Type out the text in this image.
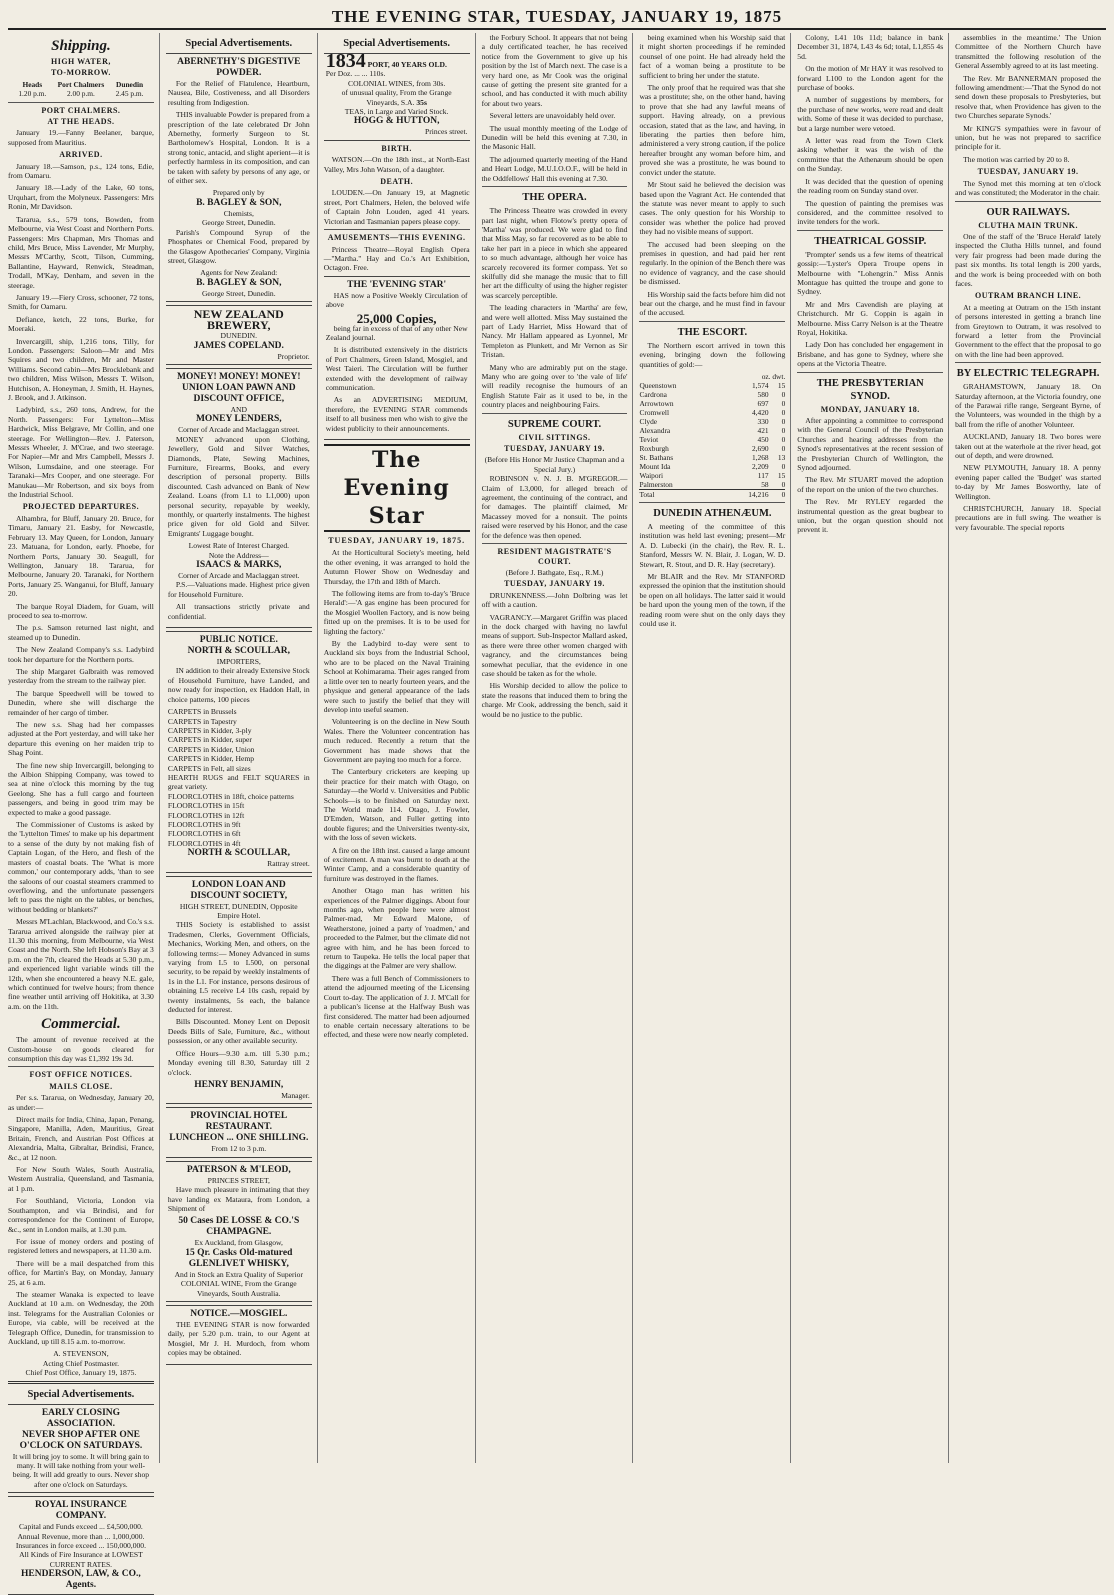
THE EVENING STAR, TUESDAY, JANUARY 19, 1875
Shipping.
HIGH WATER,
TO-MORROW.
Heads
1.20 p.m.
Port Chalmers
2.00 p.m.
Dunedin
2.45 p.m.
PORT CHALMERS.
AT THE HEADS.

January 19.—Fanny Beelaner, barque, supposed from Mauritius.

ARRIVED.

January 18.—Samson, p.s., 124 tons, Edie, from Oamaru.

January 18.—Lady of the Lake, 60 tons, Urquhart, from the Molyneux. Passengers: Mrs Ronin, Mr Davidson.

Tararua, s.s., 579 tons, Bowden, from Melbourne, via West Coast and Northern Ports. Passengers: Mrs Chapman, Mrs Thomas and child, Mrs Bruce, Miss Lavender, Mr Murphy, Messrs M'Carthy, Scott, Tilson, Cumming, Ballantine, Hayward, Renwick, Steadman, Trodall, M'Kay, Denham, and seven in the steerage.

January 19.—Fiery Cross, schooner, 72 tons, Smith, for Oamaru.

Defiance, ketch, 22 tons, Burke, for Moeraki.

Invercargill, ship, 1,216 tons, Tilly, for London. Passengers: Saloon—Mr and Mrs Squires and two children, Mr and Master Williams. Second cabin—Mrs Brocklebank and two children, Miss Wilson, Messrs T. Wilson, Hutchison, A. Honeyman, J. Smith, H. Haynes, J. Brook, and J. Atkinson.

Ladybird, s.s., 260 tons, Andrew, for the North. Passengers: For Lyttelton—Miss Hardwick, Miss Belgrave, Mr Collin, and one steerage. For Wellington—Rev. J. Paterson, Messrs Wheeler, J. M'Crae, and two steerage. For Napier—Mr and Mrs Campbell, Messrs J. Wilson, Lumsdaine, and one steerage. For Taranaki—Mrs Cooper, and one steerage. For Manukau—Mr Robertson, and six boys from the Industrial School.

PROJECTED DEPARTURES.

Alhambra, for Bluff, January 20. Bruce, for Timaru, January 21. Easby, for Newcastle, February 13. May Queen, for London, January 23. Matuana, for London, early. Phoebe, for Northern Ports, January 30. Seagull, for Wellington, January 18. Tararua, for Melbourne, January 20. Taranaki, for Northern Ports, January 25. Wanganui, for Bluff, January 20.

The barque Royal Diadem, for Guam, will proceed to sea to-morrow.

The p.s. Samson returned last night, and steamed up to Dunedin.

The New Zealand Company's s.s. Ladybird took her departure for the Northern ports.

The ship Margaret Galbraith was removed yesterday from the stream to the railway pier.

The barque Speedwell will be towed to Dunedin, where she will discharge the remainder of her cargo of timber.

The new s.s. Shag had her compasses adjusted at the Port yesterday, and will take her departure this evening on her maiden trip to Shag Point.

The fine new ship Invercargill, belonging to the Albion Shipping Company, was towed to sea at nine o'clock this morning by the tug Geelong. She has a full cargo and fourteen passengers, and being in good trim may be expected to make a good passage.

The Commissioner of Customs is asked by the 'Lyttelton Times' to make up his department to a sense of the duty by not making fish of Captain Logan, of the Hero, and flesh of the masters of coastal boats. The 'What is more common,' our contemporary adds, 'than to see the saloons of our coastal steamers crammed to overflowing, and the unfortunate passengers left to pass the night on the tables, or benches, without bedding or blankets?'

Messrs M'Lachlan, Blackwood, and Co.'s s.s. Tararua arrived alongside the railway pier at 11.30 this morning, from Melbourne, via West Coast and the North. She left Hobson's Bay at 3 p.m. on the 7th, cleared the Heads at 5.30 p.m., and experienced light variable winds till the 12th, when she encountered a heavy N.E. gale, which continued for twelve hours; from thence fine weather until arriving off Hokitika, at 3.30 a.m. on the 11th.

Commercial.

The amount of revenue received at the Custom-house on goods cleared for consumption this day was £1,392 19s 3d.

FOST OFFICE NOTICES.
MAILS CLOSE.

Per s.s. Tararua, on Wednesday, January 20, as under:—

Direct mails for India, China, Japan, Penang, Singapore, Manilla, Aden, Mauritius, Great Britain, French, and Austrian Post Offices at Alexandria, Malta, Gibraltar, Brindisi, France, &c., at 12 noon.

For New South Wales, South Australia, Western Australia, Queensland, and Tasmania, at 1 p.m.

For Southland, Victoria, London via Southampton, and via Brindisi, and for correspondence for the Continent of Europe, &c., sent in London mails, at 1.30 p.m.

For issue of money orders and posting of registered letters and newspapers, at 11.30 a.m.

There will be a mail despatched from this office, for Martin's Bay, on Monday, January 25, at 6 a.m.

The steamer Wanaka is expected to leave Auckland at 10 a.m. on Wednesday, the 20th inst. Telegrams for the Australian Colonies or Europe, via cable, will be received at the Telegraph Office, Dunedin, for transmission to Auckland, up till 8.15 a.m. to-morrow.

A. STEVENSON,
Acting Chief Postmaster.
Chief Post Office, January 19, 1875.
Special Advertisements.
EARLY CLOSING ASSOCIATION.
NEVER SHOP AFTER ONE O'CLOCK ON SATURDAYS.
It will bring joy to some. It will bring gain to many. It will take nothing from your well-being. It will add greatly to ours. Never shop after one o'clock on Saturdays.
ROYAL INSURANCE COMPANY.
Capital and Funds exceed ... £4,500,000. Annual Revenue, more than ... 1,000,000. Insurances in force exceed ... 150,000,000.
All Kinds of Fire Insurance at LOWEST CURRENT RATES.
HENDERSON, LAW, & CO., Agents.
Special Advertisements.
ABERNETHY'S DIGESTIVE POWDER.

For the Relief of Flatulence, Heartburn, Nausea, Bile, Costiveness, and all Disorders resulting from Indigestion.

THIS invaluable Powder is prepared from a prescription of the late celebrated Dr John Abernethy, formerly Surgeon to St. Bartholomew's Hospital, London. It is a strong tonic, antacid, and slight aperient—it is perfectly harmless in its composition, and can be taken with safety by persons of any age, or of either sex.

Prepared only by
B. BAGLEY & SON,
Chemists,
George Street, Dunedin.

Parish's Compound Syrup of the Phosphates or Chemical Food, prepared by the Glasgow Apothecaries' Company, Virginia street, Glasgow.

Agents for New Zealand:
B. BAGLEY & SON,
George Street, Dunedin.
NEW ZEALAND BREWERY,
DUNEDIN.
JAMES COPELAND.
Proprietor.
MONEY! MONEY! MONEY!
UNION LOAN PAWN AND DISCOUNT OFFICE,
AND
MONEY LENDERS,
Corner of Arcade and Maclaggan street.

MONEY advanced upon Clothing, Jewellery, Gold and Silver Watches, Diamonds, Plate, Sewing Machines, Furniture, Firearms, Books, and every description of personal property. Bills discounted. Cash advanced on Bank of New Zealand. Loans (from L1 to L1,000) upon personal security, repayable by weekly, monthly, or quarterly instalments. The highest price given for old Gold and Silver. Emigrants' Luggage bought.

Lowest Rate of Interest Charged.
Note the Address—
ISAACS & MARKS,
Corner of Arcade and Maclaggan street.

P.S.—Valuations made. Highest price given for Household Furniture.

All transactions strictly private and confidential.

PUBLIC NOTICE.
NORTH & SCOULLAR,
IMPORTERS,

IN addition to their already Extensive Stock of Household Furniture, have Landed, and now ready for inspection, ex Haddon Hall, in choice patterns, 100 pieces

CARPETS in Brussels
CARPETS in Tapestry
CARPETS in Kidder, 3-ply
CARPETS in Kidder, super
CARPETS in Kidder, Union
CARPETS in Kidder, Hemp
CARPETS in Felt, all sizes
HEARTH RUGS and FELT SQUARES in great variety.
FLOORCLOTHS in 18ft, choice patterns
FLOORCLOTHS in 15ft
FLOORCLOTHS in 12ft
FLOORCLOTHS in 9ft
FLOORCLOTHS in 6ft
FLOORCLOTHS in 4ft
NORTH & SCOULLAR,
Rattray street.
LONDON LOAN AND DISCOUNT SOCIETY,
HIGH STREET, DUNEDIN, Opposite Empire Hotel.

THIS Society is established to assist Tradesmen, Clerks, Government Officials, Mechanics, Working Men, and others, on the following terms:— Money Advanced in sums varying from L5 to L500, on personal security, to be repaid by weekly instalments of 1s in the L1. For instance, persons desirous of obtaining L5 receive L4 10s cash, repaid by twenty instalments, 5s each, the balance deducted for interest.

Bills Discounted. Money Lent on Deposit Deeds Bills of Sale, Furniture, &c., without possession, or any other available security.

Office Hours—9.30 a.m. till 5.30 p.m.; Monday evening till 8.30, Saturday till 2 o'clock.

HENRY BENJAMIN,
Manager.
PROVINCIAL HOTEL RESTAURANT.
LUNCHEON ... ONE SHILLING.
From 12 to 3 p.m.
PATERSON & M'LEOD,
PRINCES STREET,

Have much pleasure in intimating that they have landing ex Mataura, from London, a Shipment of

50 Cases DE LOSSE & CO.'S CHAMPAGNE.
Ex Auckland, from Glasgow,
15 Qr. Casks Old-matured GLENLIVET WHISKY,
And in Stock an Extra Quality of Superior COLONIAL WINE, From the Grange Vineyards, South Australia.
NOTICE.—MOSGIEL.

THE EVENING STAR is now forwarded daily, per 5.20 p.m. train, to our Agent at Mosgiel, Mr J. H. Murdoch, from whom copies may be obtained.

Special Advertisements.
1834 PORT, 40 YEARS OLD.
Per Doz. ... ... 110s.
COLONIAL WINES, from 30s.
of unusual quality, From the Grange Vineyards, S.A. 35s
TEAS, in Large and Varied Stock.
HOGG & HUTTON,
Princes street.
BIRTH.

WATSON.—On the 18th inst., at North-East Valley, Mrs John Watson, of a daughter.

DEATH.

LOUDEN.—On January 19, at Magnetic street, Port Chalmers, Helen, the beloved wife of Captain John Louden, aged 41 years. Victorian and Tasmanian papers please copy.

AMUSEMENTS—THIS EVENING.

Princess Theatre—Royal English Opera—"Martha." Hay and Co.'s Art Exhibition, Octagon. Free.

THE 'EVENING STAR'

HAS now a Positive Weekly Circulation of above

25,000 Copies,

being far in excess of that of any other New Zealand journal.

It is distributed extensively in the districts of Port Chalmers, Green Island, Mosgiel, and West Taieri. The Circulation will be further extended with the development of railway communication.

As an ADVERTISING MEDIUM, therefore, the EVENING STAR commends itself to all business men who wish to give the widest publicity to their announcements.

The Evening Star
TUESDAY, JANUARY 19, 1875.

At the Horticultural Society's meeting, held the other evening, it was arranged to hold the Autumn Flower Show on Wednesday and Thursday, the 17th and 18th of March.

The following items are from to-day's 'Bruce Herald':—'A gas engine has been procured for the Mosgiel Woollen Factory, and is now being fitted up on the premises. It is to be used for lighting the factory.'

By the Ladybird to-day were sent to Auckland six boys from the Industrial School, who are to be placed on the Naval Training School at Kohimarama. Their ages ranged from a little over ten to nearly fourteen years, and the physique and general appearance of the lads were such to justify the belief that they will develop into useful seamen.

Volunteering is on the decline in New South Wales. There the Volunteer concentration has much reduced. Recently a return that the Government has made shows that the Government are paying too much for a force.

The Canterbury cricketers are keeping up their practice for their match with Otago, on Saturday—the World v. Universities and Public Schools—is to be finished on Saturday next. The World made 114. Otago, J. Fowler, D'Emden, Watson, and Fuller getting into double figures; and the Universities twenty-six, with the loss of seven wickets.

A fire on the 18th inst. caused a large amount of excitement. A man was burnt to death at the Winter Camp, and a considerable quantity of furniture was destroyed in the flames.

Another Otago man has written his experiences of the Palmer diggings. About four months ago, when people here were almost Palmer-mad, Mr Edward Malone, of Weatherstone, joined a party of 'roadmen,' and proceeded to the Palmer, but the climate did not agree with him, and he has been forced to return to Taupeka. He tells the local paper that the diggings at the Palmer are very shallow.

There was a full Bench of Commissioners to attend the adjourned meeting of the Licensing Court to-day. The application of J. J. M'Call for a publican's license at the Halfway Bush was first considered. The matter had been adjourned to enable certain necessary alterations to be effected, and these were now nearly completed.

the Forbury School. It appears that not being a duly certificated teacher, he has received notice from the Government to give up his position by the 1st of March next. The case is a very hard one, as Mr Cook was the original cause of getting the present site granted for a school, and has conducted it with much ability for about two years.

Several letters are unavoidably held over.

The usual monthly meeting of the Lodge of Dunedin will be held this evening at 7.30, in the Masonic Hall.

The adjourned quarterly meeting of the Hand and Heart Lodge, M.U.I.O.O.F., will be held in the Oddfellows' Hall this evening at 7.30.

THE OPERA.

The Princess Theatre was crowded in every part last night, when Flotow's pretty opera of 'Martha' was produced. We were glad to find that Miss May, so far recovered as to be able to take her part in a piece in which she appeared to so much advantage, although her voice has scarcely recovered its former compass. Yet so skilfully did she manage the music that to fill her art the difficulty of using the higher register was scarcely perceptible.

The leading characters in 'Martha' are few, and were well allotted. Miss May sustained the part of Lady Harriet, Miss Howard that of Nancy. Mr Hallam appeared as Lyonnel, Mr Templeton as Plunkett, and Mr Vernon as Sir Tristan.

Many who are admirably put on the stage. Many who are going over to 'the vale of life' will readily recognise the humours of an English Statute Fair as it used to be, in the country places and neighbouring Fairs.

SUPREME COURT.
CIVIL SITTINGS.
TUESDAY, JANUARY 19.
(Before His Honor Mr Justice Chapman and a Special Jury.)

ROBINSON v. N. J. B. M'GREGOR.—Claim of L3,000, for alleged breach of agreement, the continuing of the contract, and for damages. The plaintiff claimed, Mr Macassey moved for a nonsuit. The points raised were reserved by his Honor, and the case for the defence was then opened.

RESIDENT MAGISTRATE'S COURT.
(Before J. Bathgate, Esq., R.M.)
TUESDAY, JANUARY 19.

DRUNKENNESS.—John Dolbring was let off with a caution.

VAGRANCY.—Margaret Griffin was placed in the dock charged with having no lawful means of support. Sub-Inspector Mallard asked, as there were three other women charged with vagrancy, and the circumstances being somewhat peculiar, that the evidence in one case should be taken as for the whole.

His Worship decided to allow the police to state the reasons that induced them to bring the charge. Mr Cook, addressing the bench, said it would be no justice to the public.

being examined when his Worship said that it might shorten proceedings if he reminded counsel of one point. He had already held the fact of a woman being a prostitute to be sufficient to bring her under the statute.

The only proof that he required was that she was a prostitute; she, on the other hand, having to prove that she had any lawful means of support. Having already, on a previous occasion, stated that as the law, and having, in liberating the parties then before him, administered a very strong caution, if the police hereafter brought any woman before him, and proved she was a prostitute, he was bound to convict under the statute.

Mr Stout said he believed the decision was based upon the Vagrant Act. He contended that the statute was never meant to apply to such cases. The only question for his Worship to consider was whether the police had proved they had no visible means of support.

The accused had been sleeping on the premises in question, and had paid her rent regularly. In the opinion of the Bench there was no evidence of vagrancy, and the case should be dismissed.

His Worship said the facts before him did not bear out the charge, and he must find in favour of the accused.

THE ESCORT.

The Northern escort arrived in town this evening, bringing down the following quantities of gold:—

	oz. dwt.	
Queenstown	1,574	15
Cardrona	580	0
Arrowtown	697	0
Cromwell	4,420	0
Clyde	330	0
Alexandra	421	0
Teviot	450	0
Roxburgh	2,690	0
St. Bathans	1,268	13
Mount Ida	2,209	0
Waipori	117	15
Palmerston	58	0
Total	14,216	0
DUNEDIN ATHENÆUM.

A meeting of the committee of this institution was held last evening; present—Mr A. D. Lubecki (in the chair), the Rev. R. L. Stanford, Messrs W. N. Blair, J. Logan, W. D. Stewart, R. Stout, and D. R. Hay (secretary).

Mr BLAIR and the Rev. Mr STANFORD expressed the opinion that the institution should be open on all holidays. The latter said it would be hard upon the young men of the town, if the reading room were shut on the only days they could use it.

Colony, L41 10s 11d; balance in bank December 31, 1874, L43 4s 6d; total, L1,855 4s 5d.

On the motion of Mr HAY it was resolved to forward L100 to the London agent for the purchase of books.

A number of suggestions by members, for the purchase of new works, were read and dealt with. Some of these it was decided to purchase, but a large number were vetoed.

A letter was read from the Town Clerk asking whether it was the wish of the committee that the Athenæum should be open on the Sunday.

It was decided that the question of opening the reading room on Sunday stand over.

The question of painting the premises was considered, and the committee resolved to invite tenders for the work.

THEATRICAL GOSSIP.

'Prompter' sends us a few items of theatrical gossip:—'Lyster's Opera Troupe opens in Melbourne with "Lohengrin." Miss Annis Montague has quitted the troupe and gone to Sydney.

Mr and Mrs Cavendish are playing at Christchurch. Mr G. Coppin is again in Melbourne. Miss Carry Nelson is at the Theatre Royal, Hokitika.

Lady Don has concluded her engagement in Brisbane, and has gone to Sydney, where she opens at the Victoria Theatre.

THE PRESBYTERIAN SYNOD.
MONDAY, JANUARY 18.

After appointing a committee to correspond with the General Council of the Presbyterian Churches and hearing addresses from the Synod's representatives at the recent session of the Presbyterian Church of Wellington, the Synod adjourned.

The Rev. Mr STUART moved the adoption of the report on the union of the two churches.

The Rev. Mr RYLEY regarded the instrumental question as the great bugbear to union, but the organ question should not prevent it.

assemblies in the meantime.' The Union Committee of the Northern Church have transmitted the following resolution of the General Assembly agreed to at its last meeting.

The Rev. Mr BANNERMAN proposed the following amendment:—'That the Synod do not send down these proposals to Presbyteries, but resolve that, when Providence has given to the two Churches separate Synods.'

Mr KING'S sympathies were in favour of union, but he was not prepared to sacrifice principle for it.

The motion was carried by 20 to 8.

TUESDAY, JANUARY 19.

The Synod met this morning at ten o'clock and was constituted; the Moderator in the chair.

OUR RAILWAYS.
CLUTHA MAIN TRUNK.

One of the staff of the 'Bruce Herald' lately inspected the Clutha Hills tunnel, and found very fair progress had been made during the past six months. Its total length is 200 yards, and the work is being proceeded with on both faces.

OUTRAM BRANCH LINE.

At a meeting at Outram on the 15th instant of persons interested in getting a branch line from Greytown to Outram, it was resolved to forward a letter from the Provincial Government to the effect that the proposal to go on with the line had been approved.

BY ELECTRIC TELEGRAPH.

GRAHAMSTOWN, January 18. On Saturday afternoon, at the Victoria foundry, one of the Parawai rifle range, Sergeant Byrne, of the Volunteers, was wounded in the thigh by a ball from the rifle of another Volunteer.

AUCKLAND, January 18. Two bores were taken out at the waterhole at the river head, got out of depth, and were drowned.

NEW PLYMOUTH, January 18. A penny evening paper called the 'Budget' was started to-day by Mr James Bosworthy, late of Wellington.

CHRISTCHURCH, January 18. Special precautions are in full swing. The weather is very favourable. The special reports
